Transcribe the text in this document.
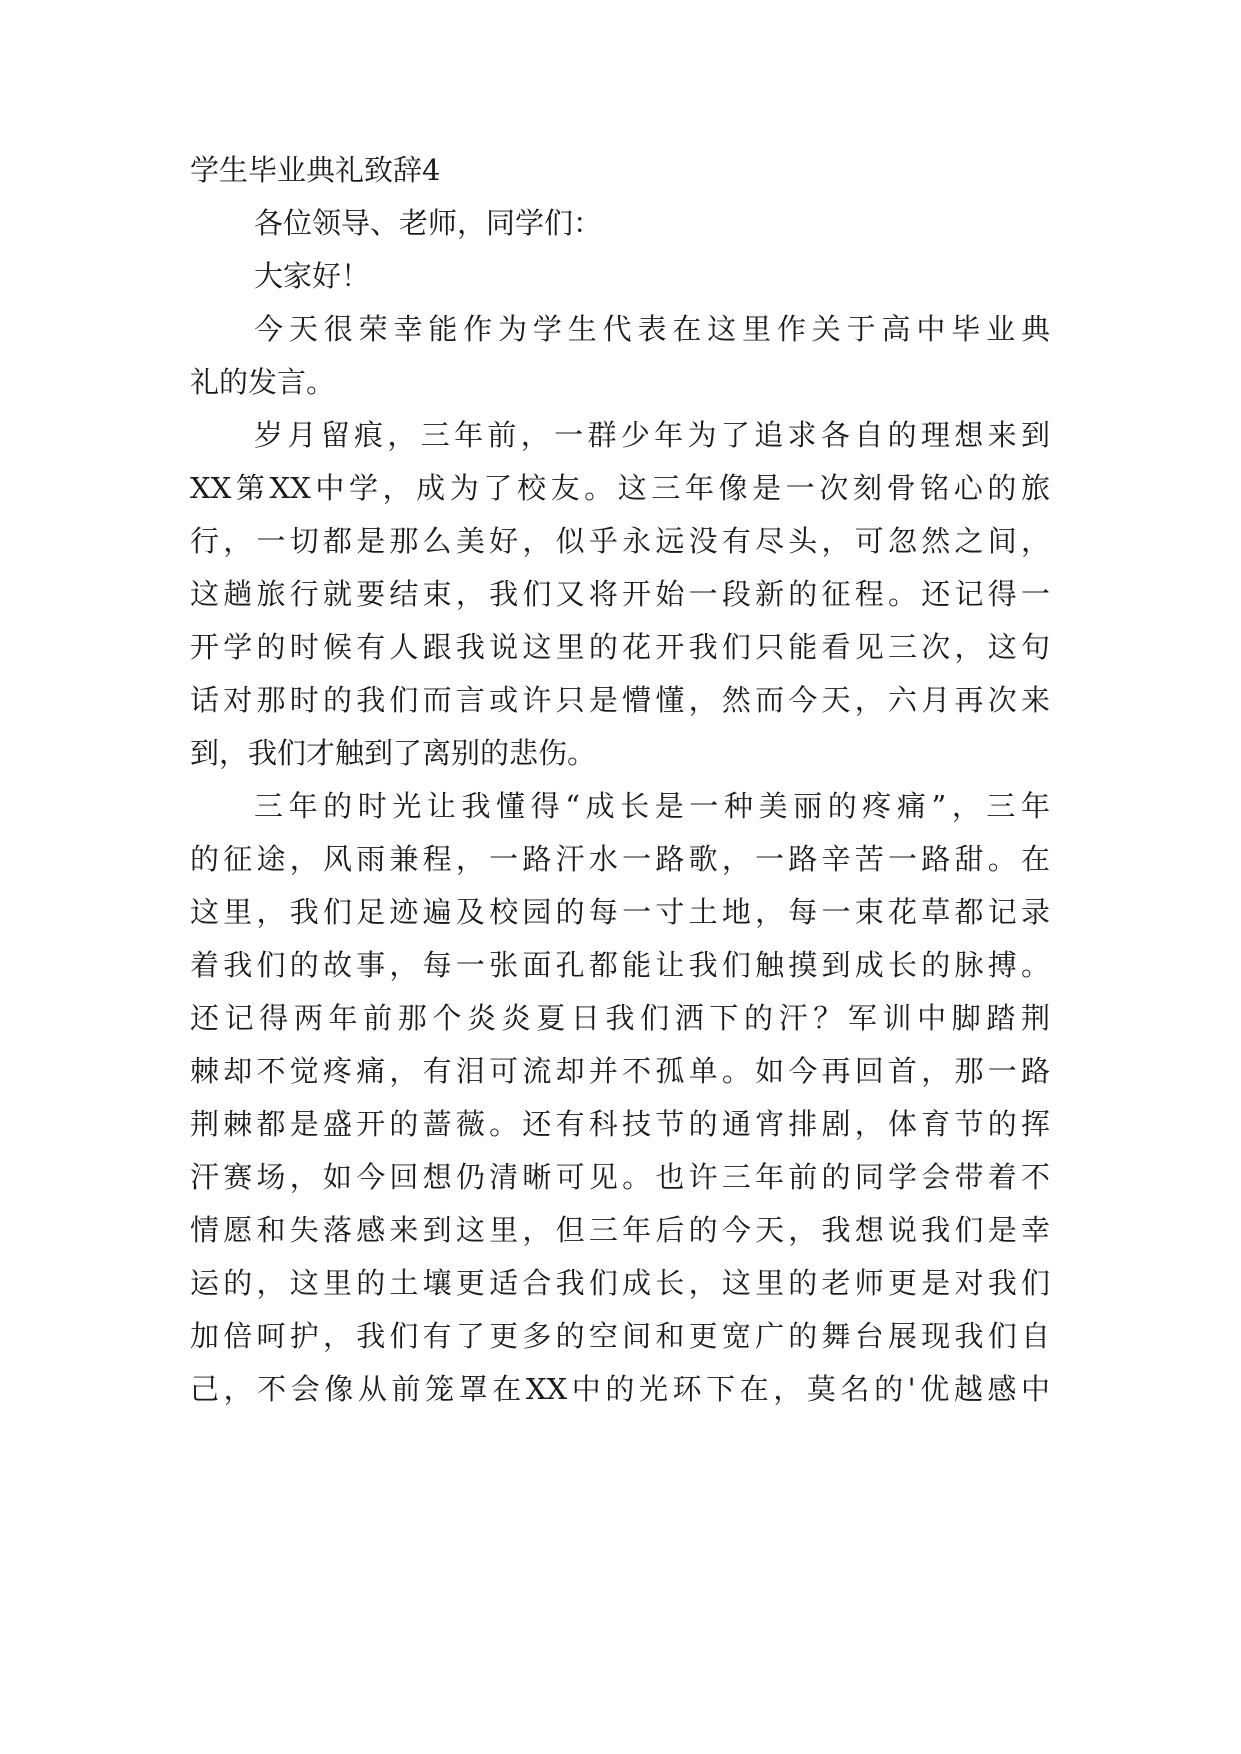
学生毕业典礼致辞4

各位领导、老师，同学们：

大家好！

今天很荣幸能作为学生代表在这里作关于高中毕业典

礼的发言。

岁月留痕，三年前，一群少年为了追求各自的理想来到

XX第XX中学，成为了校友。这三年像是一次刻骨铭心的旅

行，一切都是那么美好，似乎永远没有尽头，可忽然之间，

这趟旅行就要结束，我们又将开始一段新的征程。还记得一

开学的时候有人跟我说这里的花开我们只能看见三次，这句

话对那时的我们而言或许只是懵懂，然而今天，六月再次来

到，我们才触到了离别的悲伤。

三年的时光让我懂得“成长是一种美丽的疼痛”，三年

的征途，风雨兼程，一路汗水一路歌，一路辛苦一路甜。在

这里，我们足迹遍及校园的每一寸土地，每一束花草都记录

着我们的故事，每一张面孔都能让我们触摸到成长的脉搏。

还记得两年前那个炎炎夏日我们洒下的汗？军训中脚踏荆

棘却不觉疼痛，有泪可流却并不孤单。如今再回首，那一路

荆棘都是盛开的蔷薇。还有科技节的通宵排剧，体育节的挥

汗赛场，如今回想仍清晰可见。也许三年前的同学会带着不

情愿和失落感来到这里，但三年后的今天，我想说我们是幸

运的，这里的土壤更适合我们成长，这里的老师更是对我们

加倍呵护，我们有了更多的空间和更宽广的舞台展现我们自

己，不会像从前笼罩在XX中的光环下在，莫名的'优越感中
